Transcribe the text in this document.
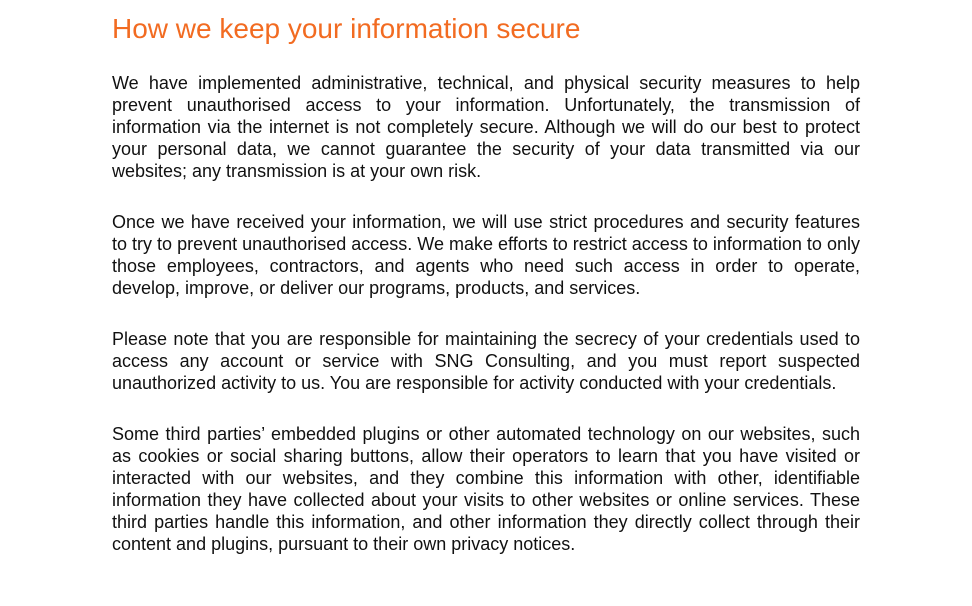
How we keep your information secure

We have implemented administrative, technical, and physical security measures to help prevent unauthorised access to your information. Unfortunately, the transmission of information via the internet is not completely secure. Although we will do our best to protect your personal data, we cannot guarantee the security of your data transmitted via our websites; any transmission is at your own risk.

Once we have received your information, we will use strict procedures and security features to try to prevent unauthorised access. We make efforts to restrict access to information to only those employees, contractors, and agents who need such access in order to operate, develop, improve, or deliver our programs, products, and services.

Please note that you are responsible for maintaining the secrecy of your credentials used to access any account or service with SNG Consulting, and you must report suspected unauthorized activity to us. You are responsible for activity conducted with your credentials.

Some third parties’ embedded plugins or other automated technology on our websites, such as cookies or social sharing buttons, allow their operators to learn that you have visited or interacted with our websites, and they combine this information with other, identifiable information they have collected about your visits to other websites or online services. These third parties handle this information, and other information they directly collect through their content and plugins, pursuant to their own privacy notices.
